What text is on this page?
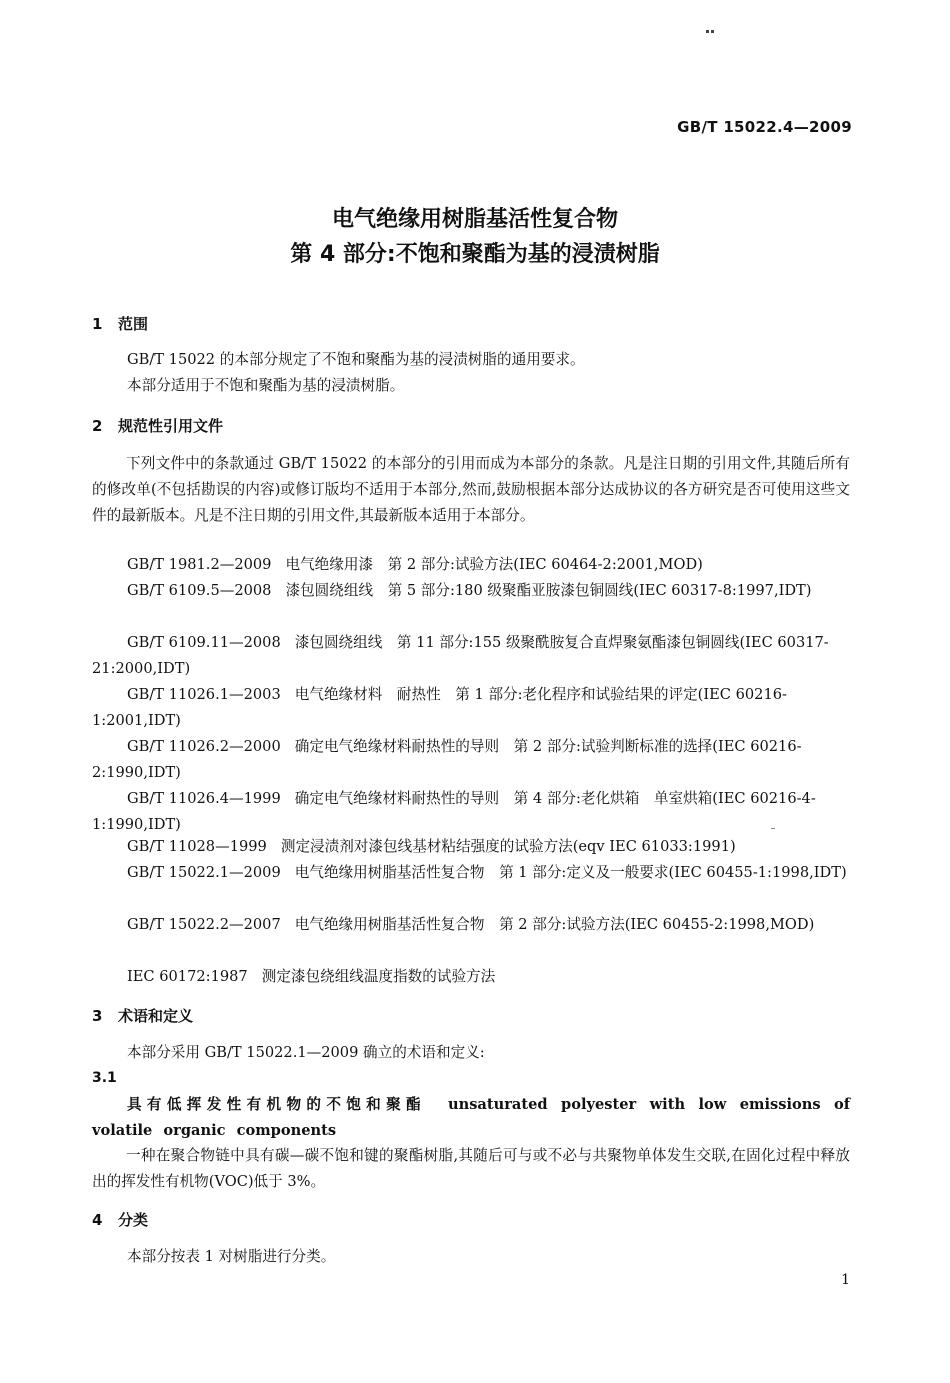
GB/T 15022.4—2009
电气绝缘用树脂基活性复合物
第 4 部分:不饱和聚酯为基的浸渍树脂
1 范围
GB/T 15022 的本部分规定了不饱和聚酯为基的浸渍树脂的通用要求。
本部分适用于不饱和聚酯为基的浸渍树脂。
2 规范性引用文件
下列文件中的条款通过 GB/T 15022 的本部分的引用而成为本部分的条款。凡是注日期的引用文件,其随后所有的修改单(不包括勘误的内容)或修订版均不适用于本部分,然而,鼓励根据本部分达成协议的各方研究是否可使用这些文件的最新版本。凡是不注日期的引用文件,其最新版本适用于本部分。
GB/T 1981.2—2009 电气绝缘用漆　第 2 部分:试验方法(IEC 60464-2:2001,MOD)
GB/T 6109.5—2008 漆包圆绕组线　第 5 部分:180 级聚酯亚胺漆包铜圆线(IEC 60317-8:1997,IDT)
GB/T 6109.11—2008 漆包圆绕组线　第 11 部分:155 级聚酰胺复合直焊聚氨酯漆包铜圆线(IEC 60317-21:2000,IDT)
GB/T 11026.1—2003 电气绝缘材料　耐热性　第 1 部分:老化程序和试验结果的评定(IEC 60216-1:2001,IDT)
GB/T 11026.2—2000 确定电气绝缘材料耐热性的导则　第 2 部分:试验判断标准的选择(IEC 60216-2:1990,IDT)
GB/T 11026.4—1999 确定电气绝缘材料耐热性的导则　第 4 部分:老化烘箱　单室烘箱(IEC 60216-4-1:1990,IDT)
GB/T 11028—1999 测定浸渍剂对漆包线基材粘结强度的试验方法(eqv IEC 61033:1991)
GB/T 15022.1—2009 电气绝缘用树脂基活性复合物　第 1 部分:定义及一般要求(IEC 60455-1:1998,IDT)
GB/T 15022.2—2007 电气绝缘用树脂基活性复合物　第 2 部分:试验方法(IEC 60455-2:1998,MOD)
IEC 60172:1987 测定漆包绕组线温度指数的试验方法
3 术语和定义
本部分采用 GB/T 15022.1—2009 确立的术语和定义:
3.1
具有低挥发性有机物的不饱和聚酯 unsaturated polyester with low emissions of volatile organic components
一种在聚合物链中具有碳—碳不饱和键的聚酯树脂,其随后可与或不必与共聚物单体发生交联,在固化过程中释放出的挥发性有机物(VOC)低于 3%。
4 分类
本部分按表 1 对树脂进行分类。
1
